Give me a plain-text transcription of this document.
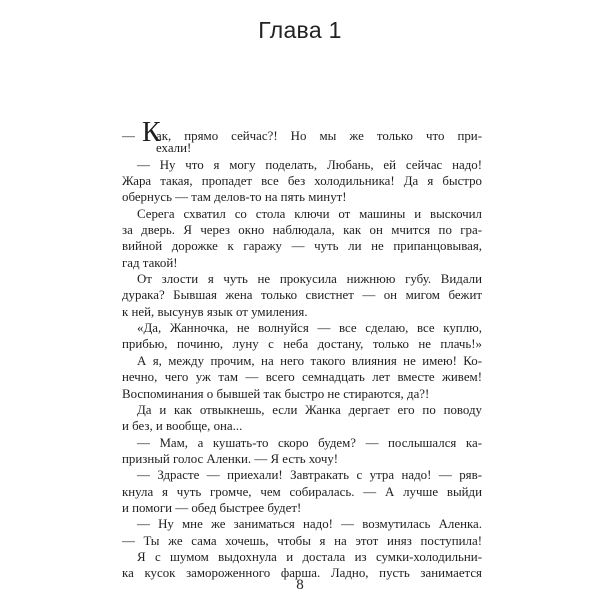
Глава 1
— К
ак, прямо сейчас?! Но мы же только что при-
ехали!
— Ну что я могу поделать, Любань, ей сейчас надо!
Жара такая, пропадет все без холодильника! Да я быстро
обернусь — там делов-то на пять минут!
Серега схватил со стола ключи от машины и выскочил
за дверь. Я через окно наблюдала, как он мчится по гра-
вийной дорожке к гаражу — чуть ли не припанцовывая,
гад такой!
От злости я чуть не прокусила нижнюю губу. Видали
дурака? Бывшая жена только свистнет — он мигом бежит
к ней, высунув язык от умиления.
«Да, Жанночка, не волнуйся — все сделаю, все куплю,
прибью, починю, луну с неба достану, только не плачь!»
А я, между прочим, на него такого влияния не имею! Ко-
нечно, чего уж там — всего семнадцать лет вместе живем!
Воспоминания о бывшей так быстро не стираются, да?!
Да и как отвыкнешь, если Жанка дергает его по поводу
и без, и вообще, она...
— Мам, а кушать-то скоро будем? — послышался ка-
призный голос Аленки. — Я есть хочу!
— Здрасте — приехали! Завтракать с утра надо! — ряв-
кнула я чуть громче, чем собиралась. — А лучше выйди
и помоги — обед быстрее будет!
— Ну мне же заниматься надо! — возмутилась Аленка.
— Ты же сама хочешь, чтобы я на этот иняз поступила!
Я с шумом выдохнула и достала из сумки-холодильни-
ка кусок замороженного фарша. Ладно, пусть занимается
8
